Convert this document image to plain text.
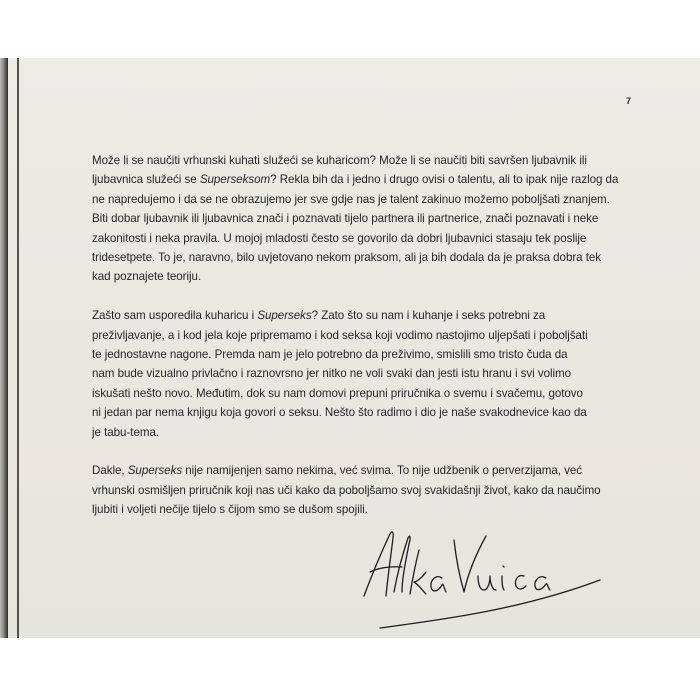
7
Može li se naučiti vrhunski kuhati služeći se kuharicom? Može li se naučiti biti savršen ljubavnik ili
ljubavnica služeći se Superseksom? Rekla bih da i jedno i drugo ovisi o talentu, ali to ipak nije razlog da
ne napredujemo i da se ne obrazujemo jer sve gdje nas je talent zakinuo možemo poboljšati znanjem.
Biti dobar ljubavnik ili ljubavnica znači i poznavati tijelo partnera ili partnerice, znači poznavati i neke
zakonitosti i neka pravila. U mojoj mladosti često se govorilo da dobri ljubavnici stasaju tek poslije
tridesetpete. To je, naravno, bilo uvjetovano nekom praksom, ali ja bih dodala da je praksa dobra tek
kad poznajete teoriju.
Zašto sam usporedila kuharicu i Superseks? Zato što su nam i kuhanje i seks potrebni za
preživljavanje, a i kod jela koje pripremamo i kod seksa koji vodimo nastojimo uljepšati i poboljšati
te jednostavne nagone. Premda nam je jelo potrebno da preživimo, smislili smo tristo čuda da
nam bude vizualno privlačno i raznovrsno jer nitko ne voli svaki dan jesti istu hranu i svi volimo
iskušati nešto novo. Međutim, dok su nam domovi prepuni priručnika o svemu i svačemu, gotovo
ni jedan par nema knjigu koja govori o seksu. Nešto što radimo i dio je naše svakodnevice kao da
je tabu-tema.
Dakle, Superseks nije namijenjen samo nekima, već svima. To nije udžbenik o perverzijama, već
vrhunski osmišljen priručnik koji nas uči kako da poboljšamo svoj svakidašnji život, kako da naučimo
ljubiti i voljeti nečije tijelo s čijom smo se dušom spojili.
